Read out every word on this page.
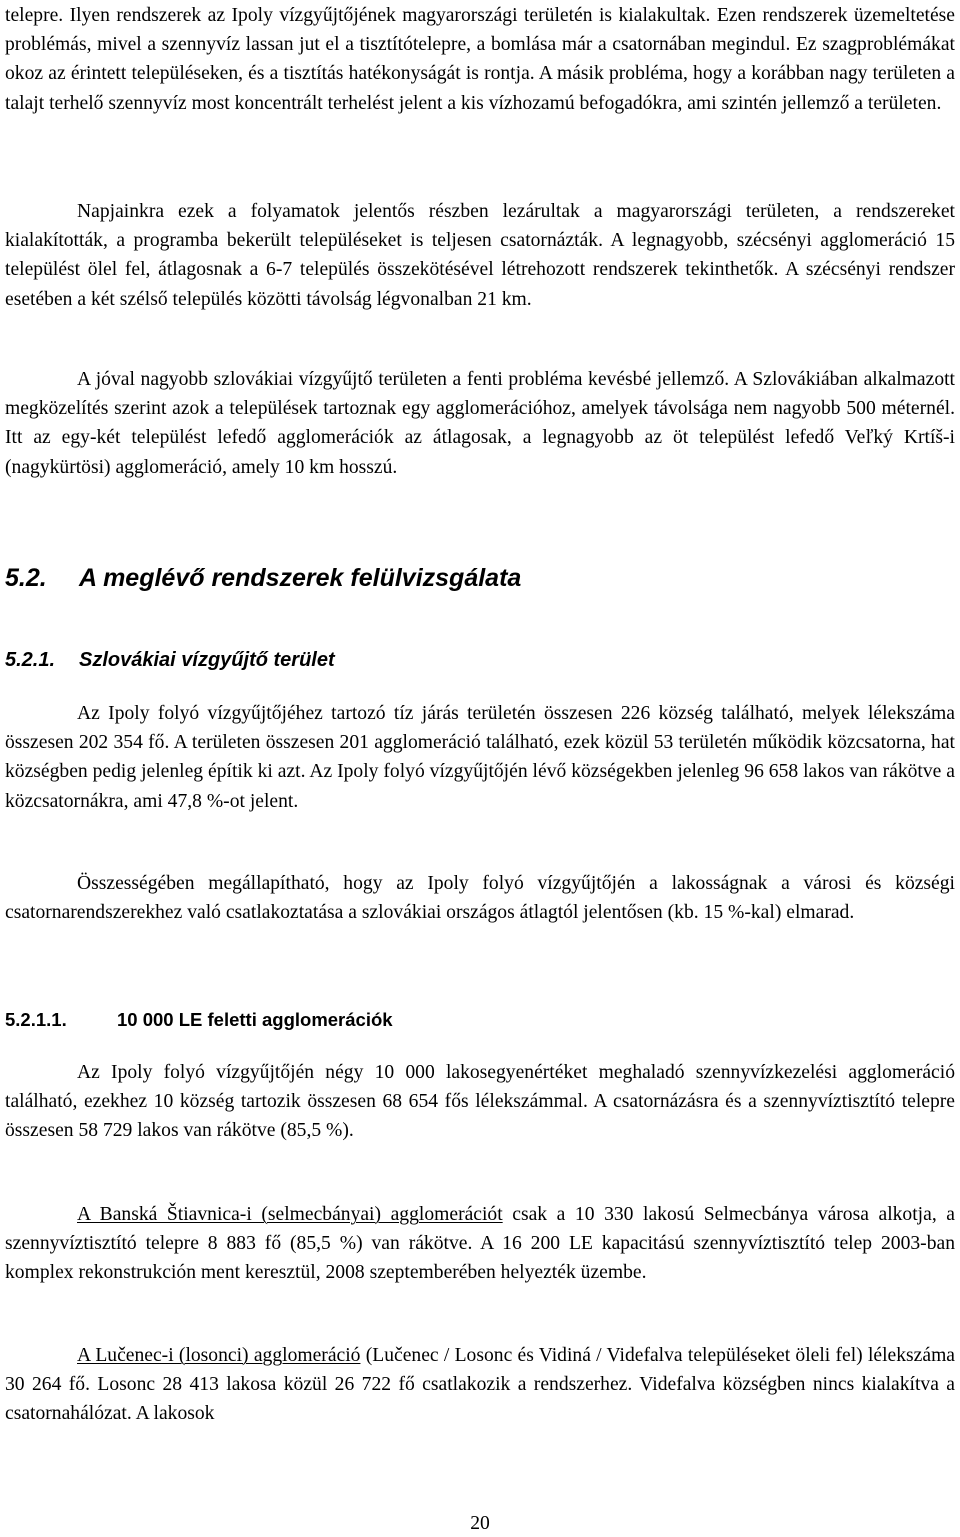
telepre. Ilyen rendszerek az Ipoly vízgyűjtőjének magyarországi területén is kialakultak. Ezen rendszerek üzemeltetése problémás, mivel a szennyvíz lassan jut el a tisztítótelepre, a bomlása már a csatornában megindul. Ez szagproblémákat okoz az érintett településeken, és a tisztítás hatékonyságát is rontja. A másik probléma, hogy a korábban nagy területen a talajt terhelő szennyvíz most koncentrált terhelést jelent a kis vízhozamú befogadókra, ami szintén jellemző a területen.

Napjainkra ezek a folyamatok jelentős részben lezárultak a magyarországi területen, a rendszereket kialakították, a programba bekerült településeket is teljesen csatornázták. A legnagyobb, szécsényi agglomeráció 15 települést ölel fel, átlagosnak a 6-7 település összekötésével létrehozott rendszerek tekinthetők. A szécsényi rendszer esetében a két szélső település közötti távolság légvonalban 21 km.

A jóval nagyobb szlovákiai vízgyűjtő területen a fenti probléma kevésbé jellemző. A Szlovákiában alkalmazott megközelítés szerint azok a települések tartoznak egy agglomerációhoz, amelyek távolsága nem nagyobb 500 méternél. Itt az egy-két települést lefedő agglomerációk az átlagosak, a legnagyobb az öt települést lefedő Veľký Krtíš-i (nagykürtösi) agglomeráció, amely 10 km hosszú.

5.2. A meglévő rendszerek felülvizsgálata
5.2.1. Szlovákiai vízgyűjtő terület

Az Ipoly folyó vízgyűjtőjéhez tartozó tíz járás területén összesen 226 község található, melyek lélekszáma összesen 202 354 fő. A területen összesen 201 agglomeráció található, ezek közül 53 területén működik közcsatorna, hat községben pedig jelenleg építik ki azt. Az Ipoly folyó vízgyűjtőjén lévő községekben jelenleg 96 658 lakos van rákötve a közcsatornákra, ami 47,8 %-ot jelent.

Összességében megállapítható, hogy az Ipoly folyó vízgyűjtőjén a lakosságnak a városi és községi csatornarendszerekhez való csatlakoztatása a szlovákiai országos átlagtól jelentősen (kb. 15 %-kal) elmarad.

5.2.1.1.	10 000 LE feletti agglomerációk

Az Ipoly folyó vízgyűjtőjén négy 10 000 lakosegyenértéket meghaladó szennyvízkezelési agglomeráció található, ezekhez 10 község tartozik összesen 68 654 fős lélekszámmal. A csatornázásra és a szennyvíztisztító telepre összesen 58 729 lakos van rákötve (85,5 %).

A Banská Štiavnica-i (selmecbányai) agglomerációt csak a 10 330 lakosú Selmecbánya városa alkotja, a szennyvíztisztító telepre 8 883 fő (85,5 %) van rákötve. A 16 200 LE kapacitású szennyvíztisztító telep 2003-ban komplex rekonstrukción ment keresztül, 2008 szeptemberében helyezték üzembe.

A Lučenec-i (losonci) agglomeráció (Lučenec / Losonc és Vidiná / Videfalva településeket öleli fel) lélekszáma 30 264 fő. Losonc 28 413 lakosa közül 26 722 fő csatlakozik a rendszerhez. Videfalva községben nincs kialakítva a csatornahálózat. A lakosok

20
